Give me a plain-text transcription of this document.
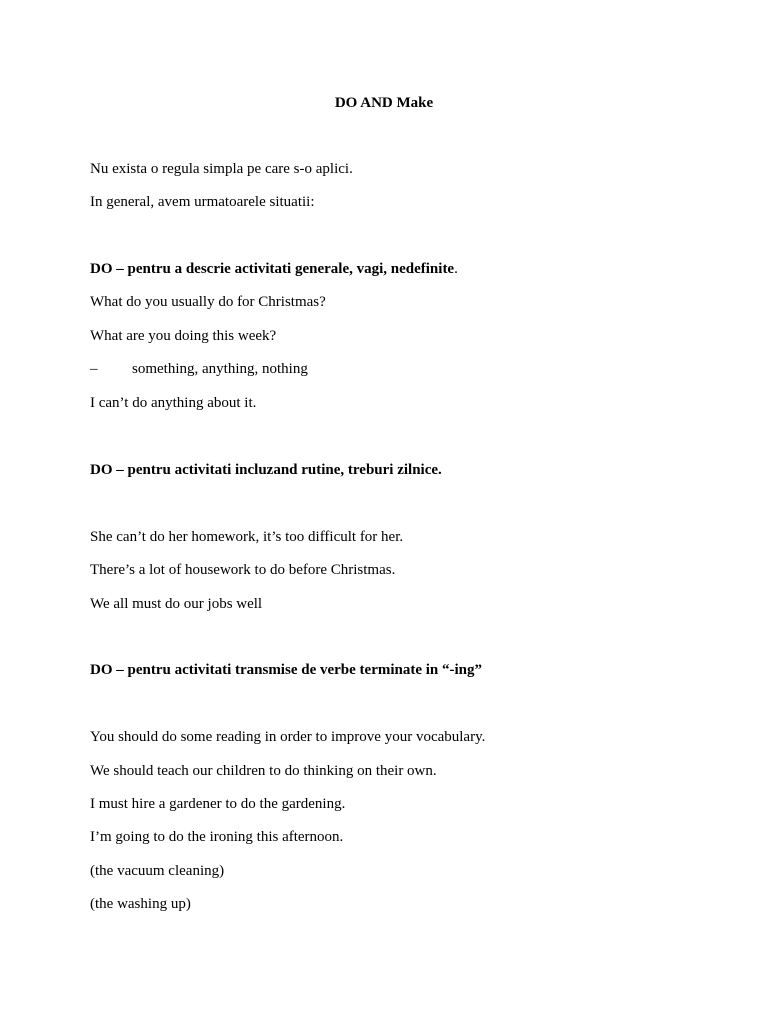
DO AND Make
Nu exista o regula simpla pe care s-o aplici.
In general, avem urmatoarele situatii:
DO – pentru a descrie activitati generale, vagi, nedefinite.
What do you usually do for Christmas?
What are you doing this week?
– something, anything, nothing
I can’t do anything about it.
DO – pentru activitati incluzand rutine, treburi zilnice.
She can’t do her homework, it’s too difficult for her.
There’s a lot of housework to do before Christmas.
We all must do our jobs well
DO – pentru activitati transmise de verbe terminate in “-ing”
You should do some reading in order to improve your vocabulary.
We should teach our children to do thinking on their own.
I must hire a gardener to do the gardening.
I’m going to do the ironing this afternoon.
(the vacuum cleaning)
(the washing up)
